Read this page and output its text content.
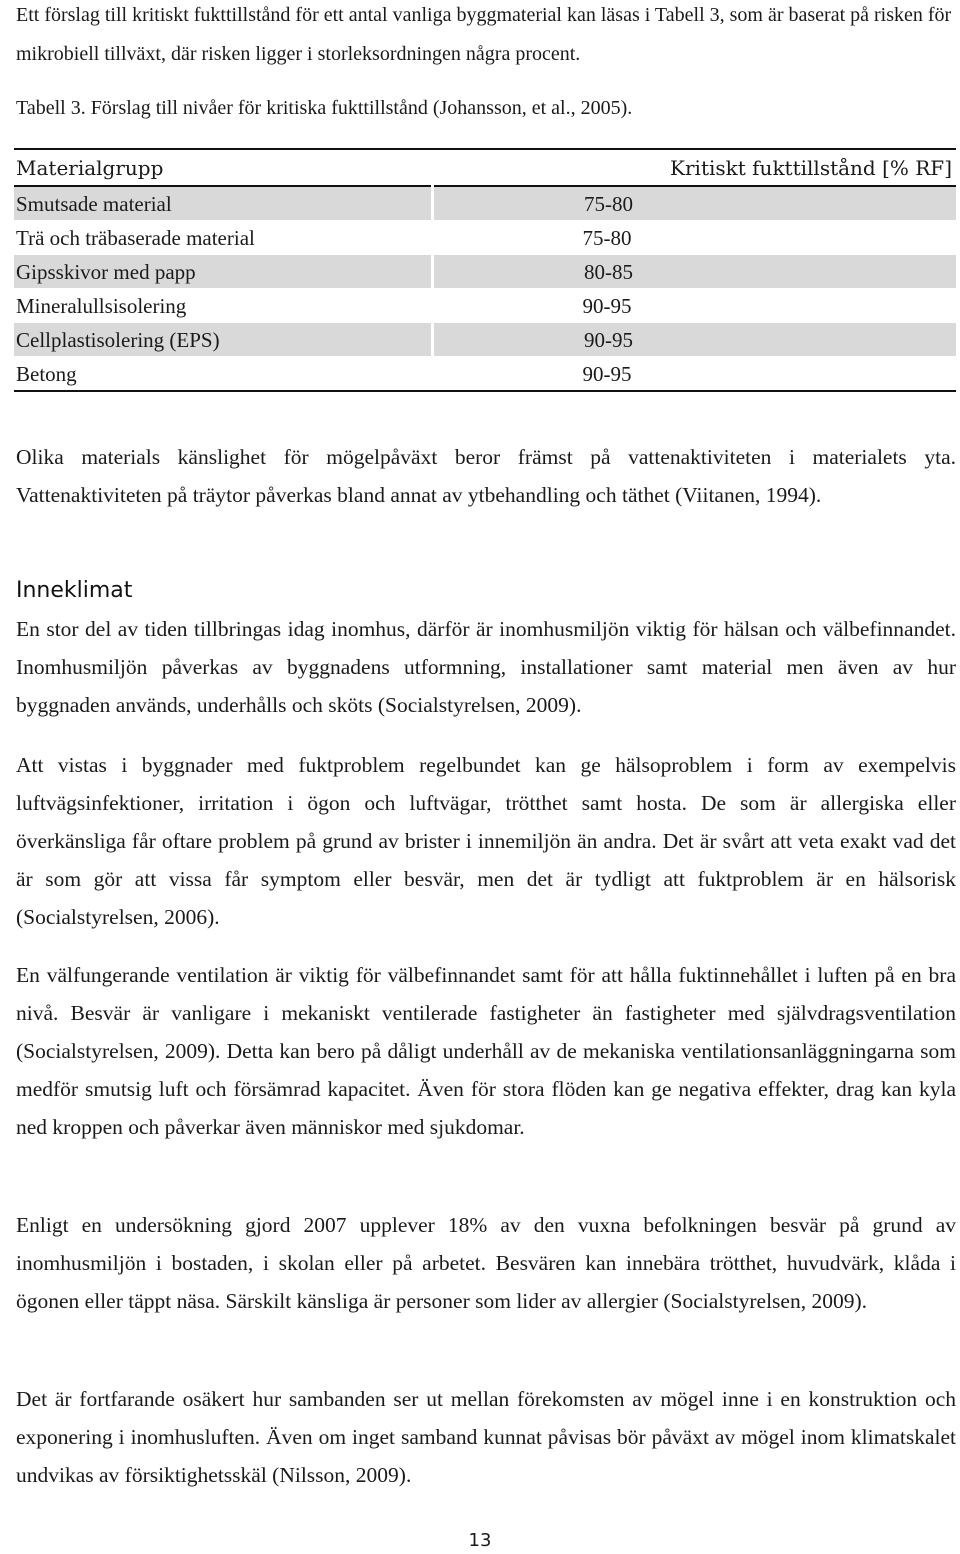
Ett förslag till kritiskt fukttillstånd för ett antal vanliga byggmaterial kan läsas i Tabell 3, som är baserat på risken för mikrobiell tillväxt, där risken ligger i storleksordningen några procent.

Tabell 3. Förslag till nivåer för kritiska fukttillstånd (Johansson, et al., 2005).

Materialgrupp	Kritiskt fukttillstånd [% RF]
Smutsade material	75-80
Trä och träbaserade material	75-80
Gipsskivor med papp	80-85
Mineralullsisolering	90-95
Cellplastisolering (EPS)	90-95
Betong	90-95

Olika materials känslighet för mögelpåväxt beror främst på vattenaktiviteten i materialets yta. Vattenaktiviteten på träytor påverkas bland annat av ytbehandling och täthet (Viitanen, 1994).

Inneklimat

En stor del av tiden tillbringas idag inomhus, därför är inomhusmiljön viktig för hälsan och välbefinnandet. Inomhusmiljön påverkas av byggnadens utformning, installationer samt material men även av hur byggnaden används, underhålls och sköts (Socialstyrelsen, 2009).

Att vistas i byggnader med fuktproblem regelbundet kan ge hälsoproblem i form av exempelvis luftvägsinfektioner, irritation i ögon och luftvägar, trötthet samt hosta. De som är allergiska eller överkänsliga får oftare problem på grund av brister i innemiljön än andra. Det är svårt att veta exakt vad det är som gör att vissa får symptom eller besvär, men det är tydligt att fuktproblem är en hälsorisk (Socialstyrelsen, 2006).

En välfungerande ventilation är viktig för välbefinnandet samt för att hålla fuktinnehållet i luften på en bra nivå. Besvär är vanligare i mekaniskt ventilerade fastigheter än fastigheter med självdragsventilation (Socialstyrelsen, 2009). Detta kan bero på dåligt underhåll av de mekaniska ventilationsanläggningarna som medför smutsig luft och försämrad kapacitet. Även för stora flöden kan ge negativa effekter, drag kan kyla ned kroppen och påverkar även människor med sjukdomar.

Enligt en undersökning gjord 2007 upplever 18% av den vuxna befolkningen besvär på grund av inomhusmiljön i bostaden, i skolan eller på arbetet. Besvären kan innebära trötthet, huvudvärk, klåda i ögonen eller täppt näsa. Särskilt känsliga är personer som lider av allergier (Socialstyrelsen, 2009).

Det är fortfarande osäkert hur sambanden ser ut mellan förekomsten av mögel inne i en konstruktion och exponering i inomhusluften. Även om inget samband kunnat påvisas bör påväxt av mögel inom klimatskalet undvikas av försiktighetsskäl (Nilsson, 2009).

13
